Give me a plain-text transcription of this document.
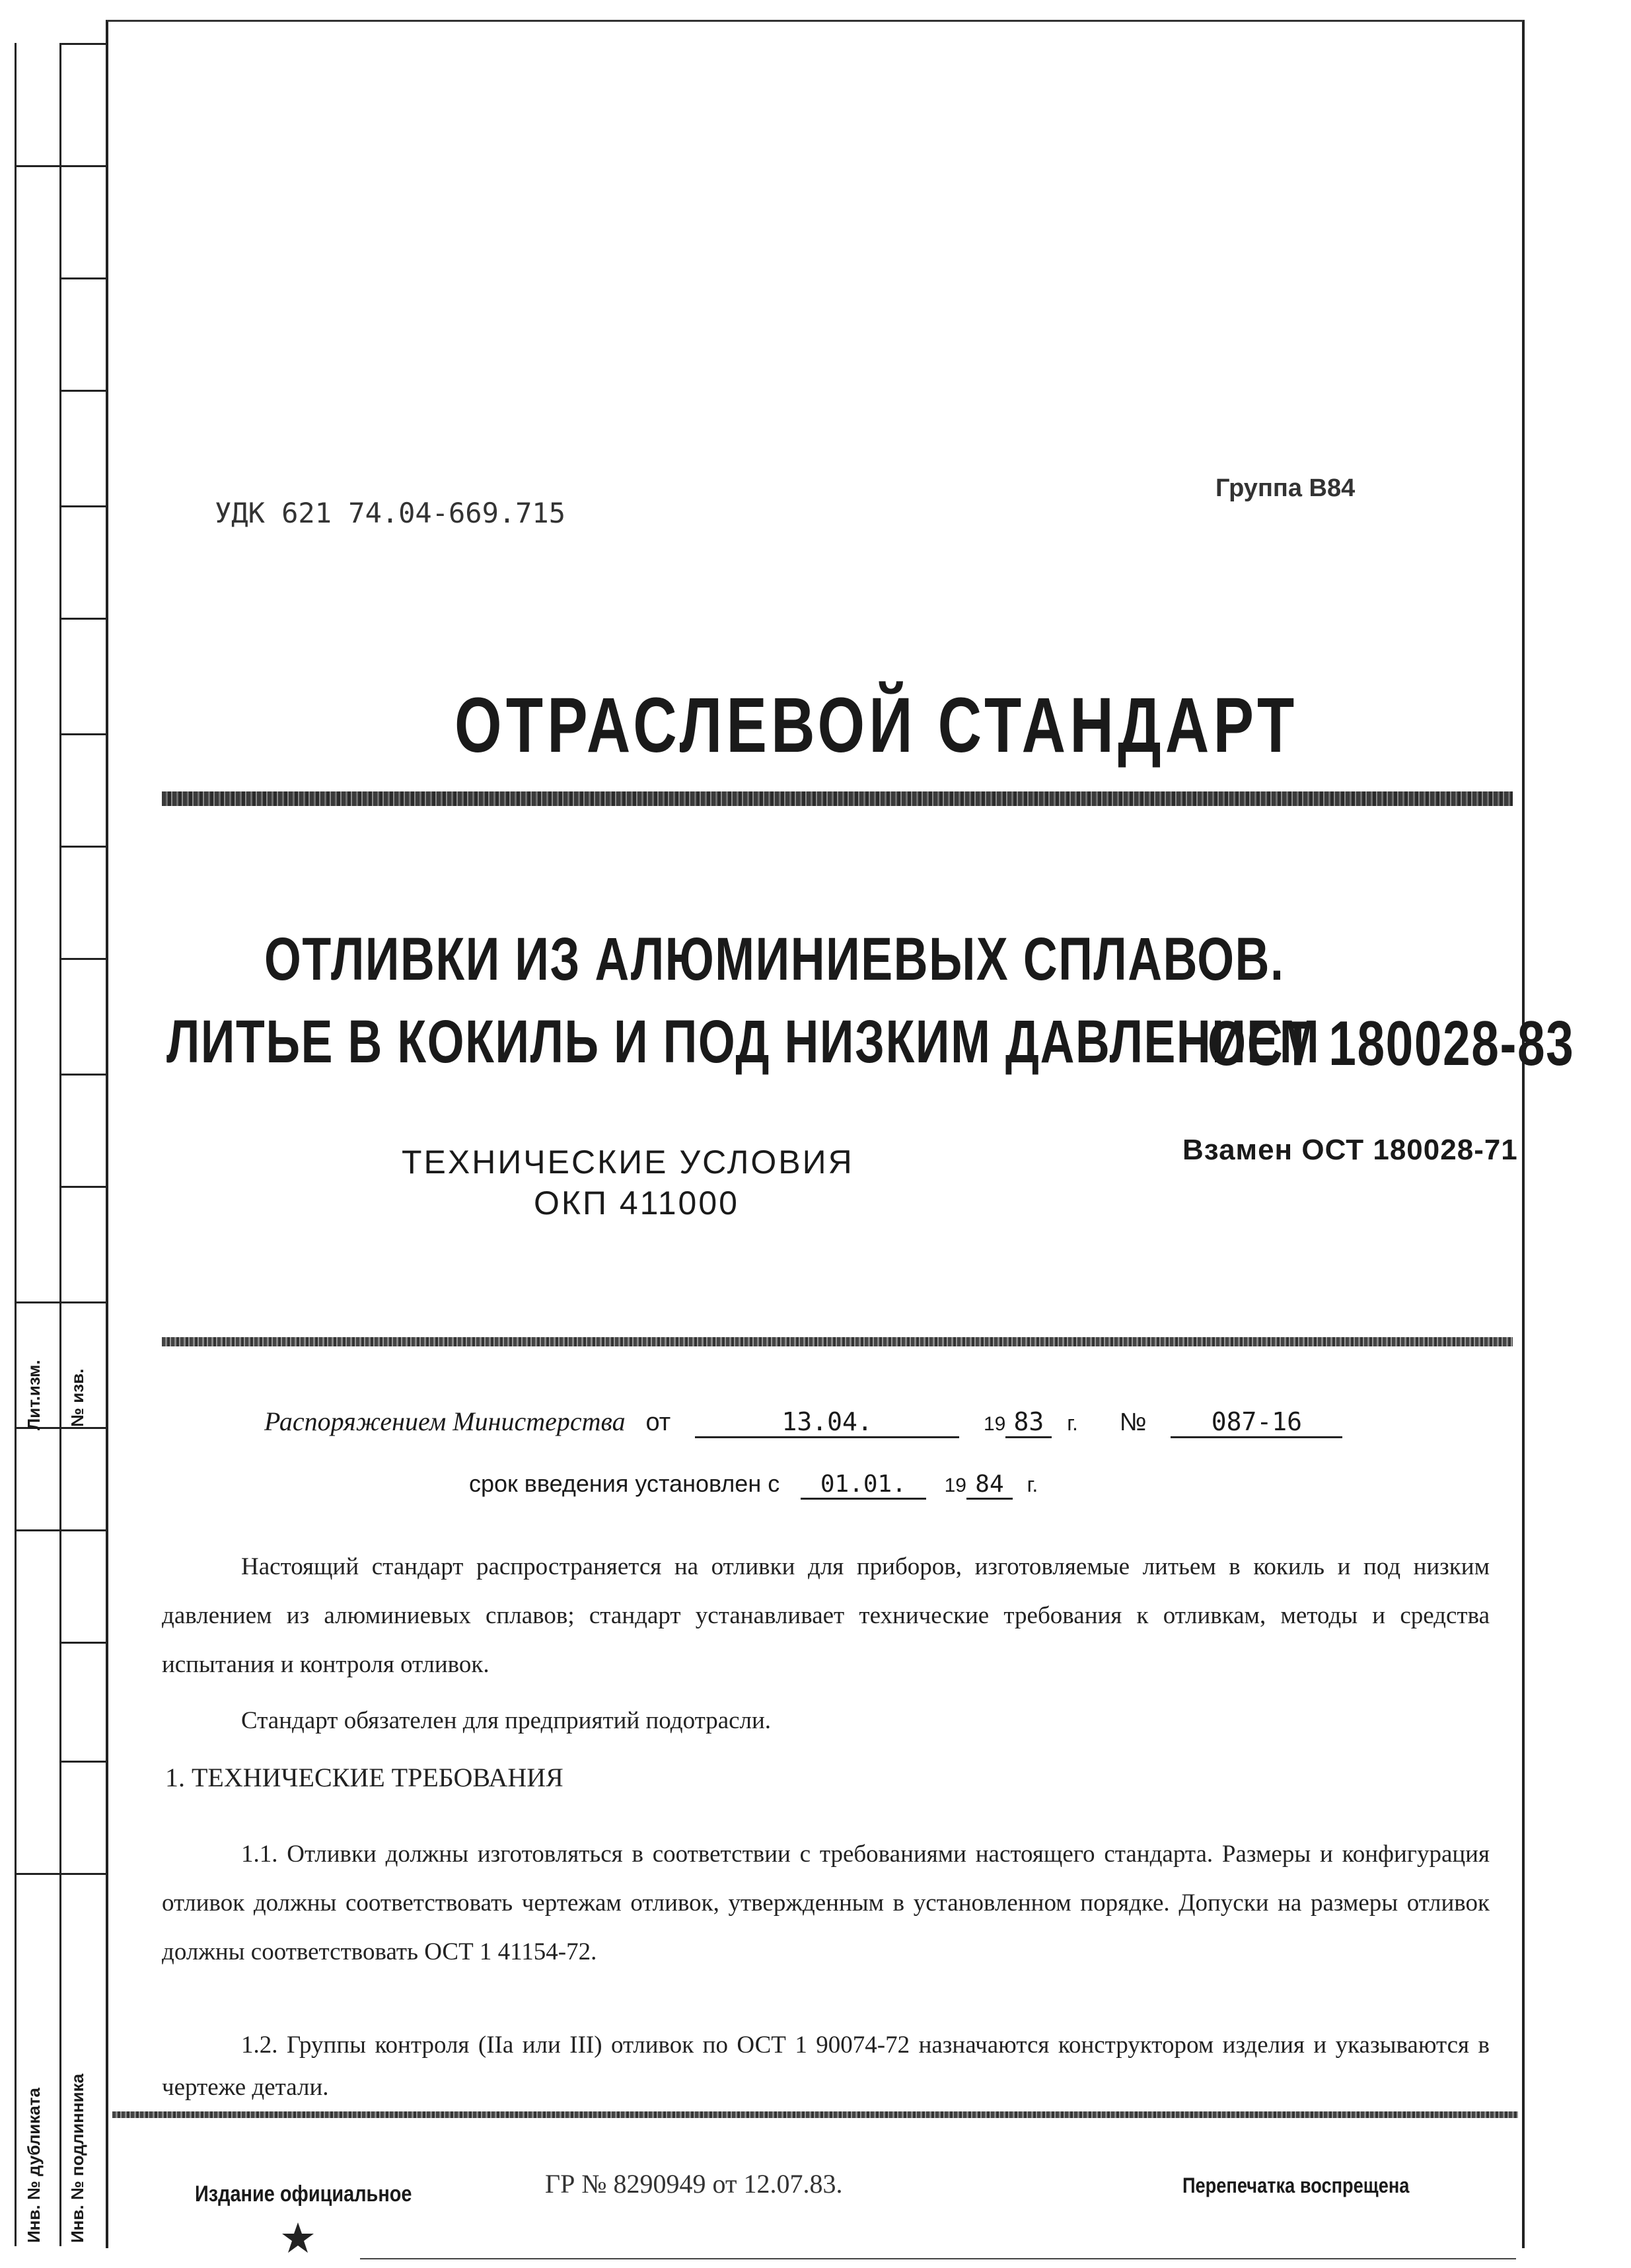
Лит.изм. № изв.
Инв. № дубликата Инв. № подлинника
УДК 621 74.04-669.715
Группа В84
ОТРАСЛЕВОЙ СТАНДАРТ
ОТЛИВКИ ИЗ АЛЮМИНИЕВЫХ СПЛАВОВ.
ЛИТЬЕ В КОКИЛЬ И ПОД НИЗКИМ ДАВЛЕНИЕМ
ОСТ 180028-83
ТЕХНИЧЕСКИЕ УСЛОВИЯ
ОКП 411000
Взамен ОСТ 180028-71
Распоряжением Министерства от	13.04.	19 83 г. №	087-16
срок введения установлен с 01.01. 19 84 г.
Настоящий стандарт распространяется на отливки для приборов, изготовляемые литьем в кокиль и под низким давлением из алюминиевых сплавов; стандарт устанавливает технические требования к отливкам, методы и средства испытания и контроля отливок.
Стандарт обязателен для предприятий подотрасли.
1. ТЕХНИЧЕСКИЕ ТРЕБОВАНИЯ
1.1. Отливки должны изготовляться в соответствии с требованиями настоящего стандарта. Размеры и конфигурация отливок должны соответствовать чертежам отливок, утвержденным в установленном порядке. Допуски на размеры отливок должны соответствовать ОСТ 1 41154-72.
1.2. Группы контроля (IIа или III) отливок по ОСТ 1 90074-72 назначаются конструктором изделия и указываются в чертеже детали.
Издание официальное	ГР № 8290949 от 12.07.83.	Перепечатка воспрещена
